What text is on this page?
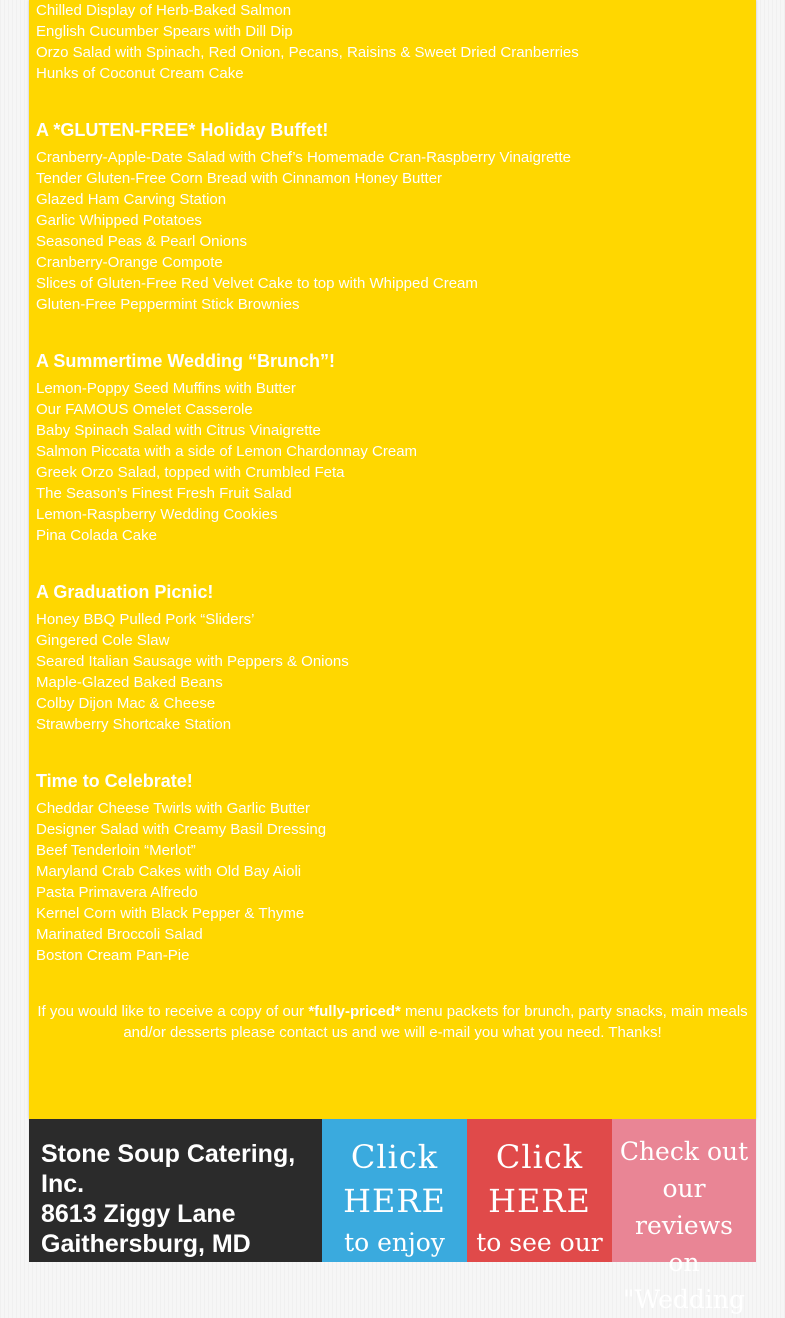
Chilled Display of Herb-Baked Salmon
English Cucumber Spears with Dill Dip
Orzo Salad with Spinach, Red Onion, Pecans, Raisins & Sweet Dried Cranberries
Hunks of Coconut Cream Cake
A *GLUTEN-FREE* Holiday Buffet!
Cranberry-Apple-Date Salad with Chef’s Homemade Cran-Raspberry Vinaigrette
Tender Gluten-Free Corn Bread with Cinnamon Honey Butter
Glazed Ham Carving Station
Garlic Whipped Potatoes
Seasoned Peas & Pearl Onions
Cranberry-Orange Compote
Slices of Gluten-Free Red Velvet Cake to top with Whipped Cream
Gluten-Free Peppermint Stick Brownies
A Summertime Wedding “Brunch”!
Lemon-Poppy Seed Muffins with Butter
Our FAMOUS Omelet Casserole
Baby Spinach Salad with Citrus Vinaigrette
Salmon Piccata with a side of Lemon Chardonnay Cream
Greek Orzo Salad, topped with Crumbled Feta
The Season’s Finest Fresh Fruit Salad
Lemon-Raspberry Wedding Cookies
Pina Colada Cake
A Graduation Picnic!
Honey BBQ Pulled Pork “Sliders’
Gingered Cole Slaw
Seared Italian Sausage with Peppers & Onions
Maple-Glazed Baked Beans
Colby Dijon Mac & Cheese
Strawberry Shortcake Station
Time to Celebrate!
Cheddar Cheese Twirls with Garlic Butter
Designer Salad with Creamy Basil Dressing
Beef Tenderloin “Merlot”
Maryland Crab Cakes with Old Bay Aioli
Pasta Primavera Alfredo
Kernel Corn with Black Pepper & Thyme
Marinated Broccoli Salad
Boston Cream Pan-Pie
If you would like to receive a copy of our *fully-priced* menu packets for brunch, party snacks, main meals and/or desserts please contact us and we will e-mail you what you need. Thanks!
Stone Soup Catering, Inc.
8613 Ziggy Lane
Gaithersburg, MD
Click
HERE
to enjoy
Click
HERE
to see our
Check out
our reviews
on
"Wedding
